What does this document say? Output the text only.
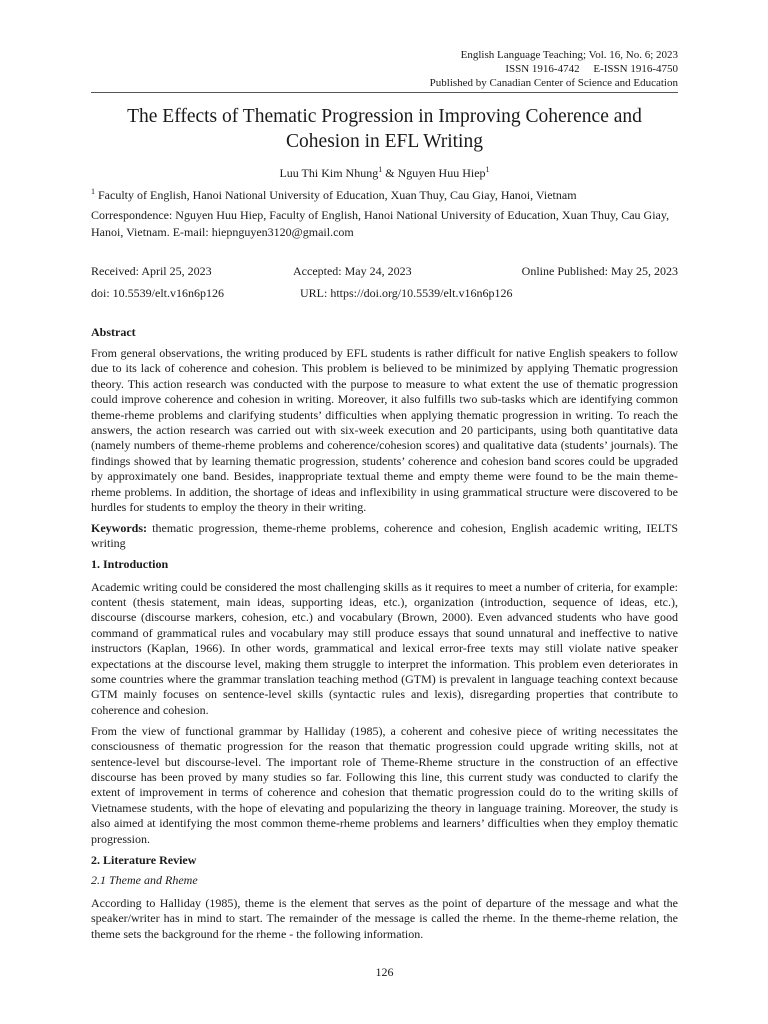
English Language Teaching; Vol. 16, No. 6; 2023
ISSN 1916-4742     E-ISSN 1916-4750
Published by Canadian Center of Science and Education
The Effects of Thematic Progression in Improving Coherence and
Cohesion in EFL Writing
Luu Thi Kim Nhung$^1$ & Nguyen Huu Hiep$^1$
$^1$ Faculty of English, Hanoi National University of Education, Xuan Thuy, Cau Giay, Hanoi, Vietnam
Correspondence: Nguyen Huu Hiep, Faculty of English, Hanoi National University of Education, Xuan Thuy, Cau Giay, Hanoi, Vietnam. E-mail: hiepnguyen3120@gmail.com
Received: April 25, 2023	Accepted: May 24, 2023	Online Published: May 25, 2023
doi: 10.5539/elt.v16n6p126	URL: https://doi.org/10.5539/elt.v16n6p126

Abstract

From general observations, the writing produced by EFL students is rather difficult for native English speakers to follow due to its lack of coherence and cohesion. This problem is believed to be minimized by applying Thematic progression theory. This action research was conducted with the purpose to measure to what extent the use of thematic progression could improve coherence and cohesion in writing. Moreover, it also fulfills two sub-tasks which are identifying common theme-rheme problems and clarifying students’ difficulties when applying thematic progression in writing. To reach the answers, the action research was carried out with six-week execution and 20 participants, using both quantitative data (namely numbers of theme-rheme problems and coherence/cohesion scores) and qualitative data (students’ journals). The findings showed that by learning thematic progression, students’ coherence and cohesion band scores could be upgraded by approximately one band. Besides, inappropriate textual theme and empty theme were found to be the main theme-rheme problems. In addition, the shortage of ideas and inflexibility in using grammatical structure were discovered to be hurdles for students to employ the theory in their writing.

Keywords: thematic progression, theme-rheme problems, coherence and cohesion, English academic writing, IELTS writing

1. Introduction

Academic writing could be considered the most challenging skills as it requires to meet a number of criteria, for example: content (thesis statement, main ideas, supporting ideas, etc.), organization (introduction, sequence of ideas, etc.), discourse (discourse markers, cohesion, etc.) and vocabulary (Brown, 2000). Even advanced students who have good command of grammatical rules and vocabulary may still produce essays that sound unnatural and ineffective to native instructors (Kaplan, 1966). In other words, grammatical and lexical error-free texts may still violate native speaker expectations at the discourse level, making them struggle to interpret the information. This problem even deteriorates in some countries where the grammar translation teaching method (GTM) is prevalent in language teaching context because GTM mainly focuses on sentence-level skills (syntactic rules and lexis), disregarding properties that contribute to coherence and cohesion.

From the view of functional grammar by Halliday (1985), a coherent and cohesive piece of writing necessitates the consciousness of thematic progression for the reason that thematic progression could upgrade writing skills, not at sentence-level but discourse-level. The important role of Theme-Rheme structure in the construction of an effective discourse has been proved by many studies so far. Following this line, this current study was conducted to clarify the extent of improvement in terms of coherence and cohesion that thematic progression could do to the writing skills of Vietnamese students, with the hope of elevating and popularizing the theory in language training. Moreover, the study is also aimed at identifying the most common theme-rheme problems and learners’ difficulties when they employ thematic progression.

2. Literature Review

2.1 Theme and Rheme

According to Halliday (1985), theme is the element that serves as the point of departure of the message and what the speaker/writer has in mind to start. The remainder of the message is called the rheme. In the theme-rheme relation, the theme sets the background for the rheme - the following information.

126
